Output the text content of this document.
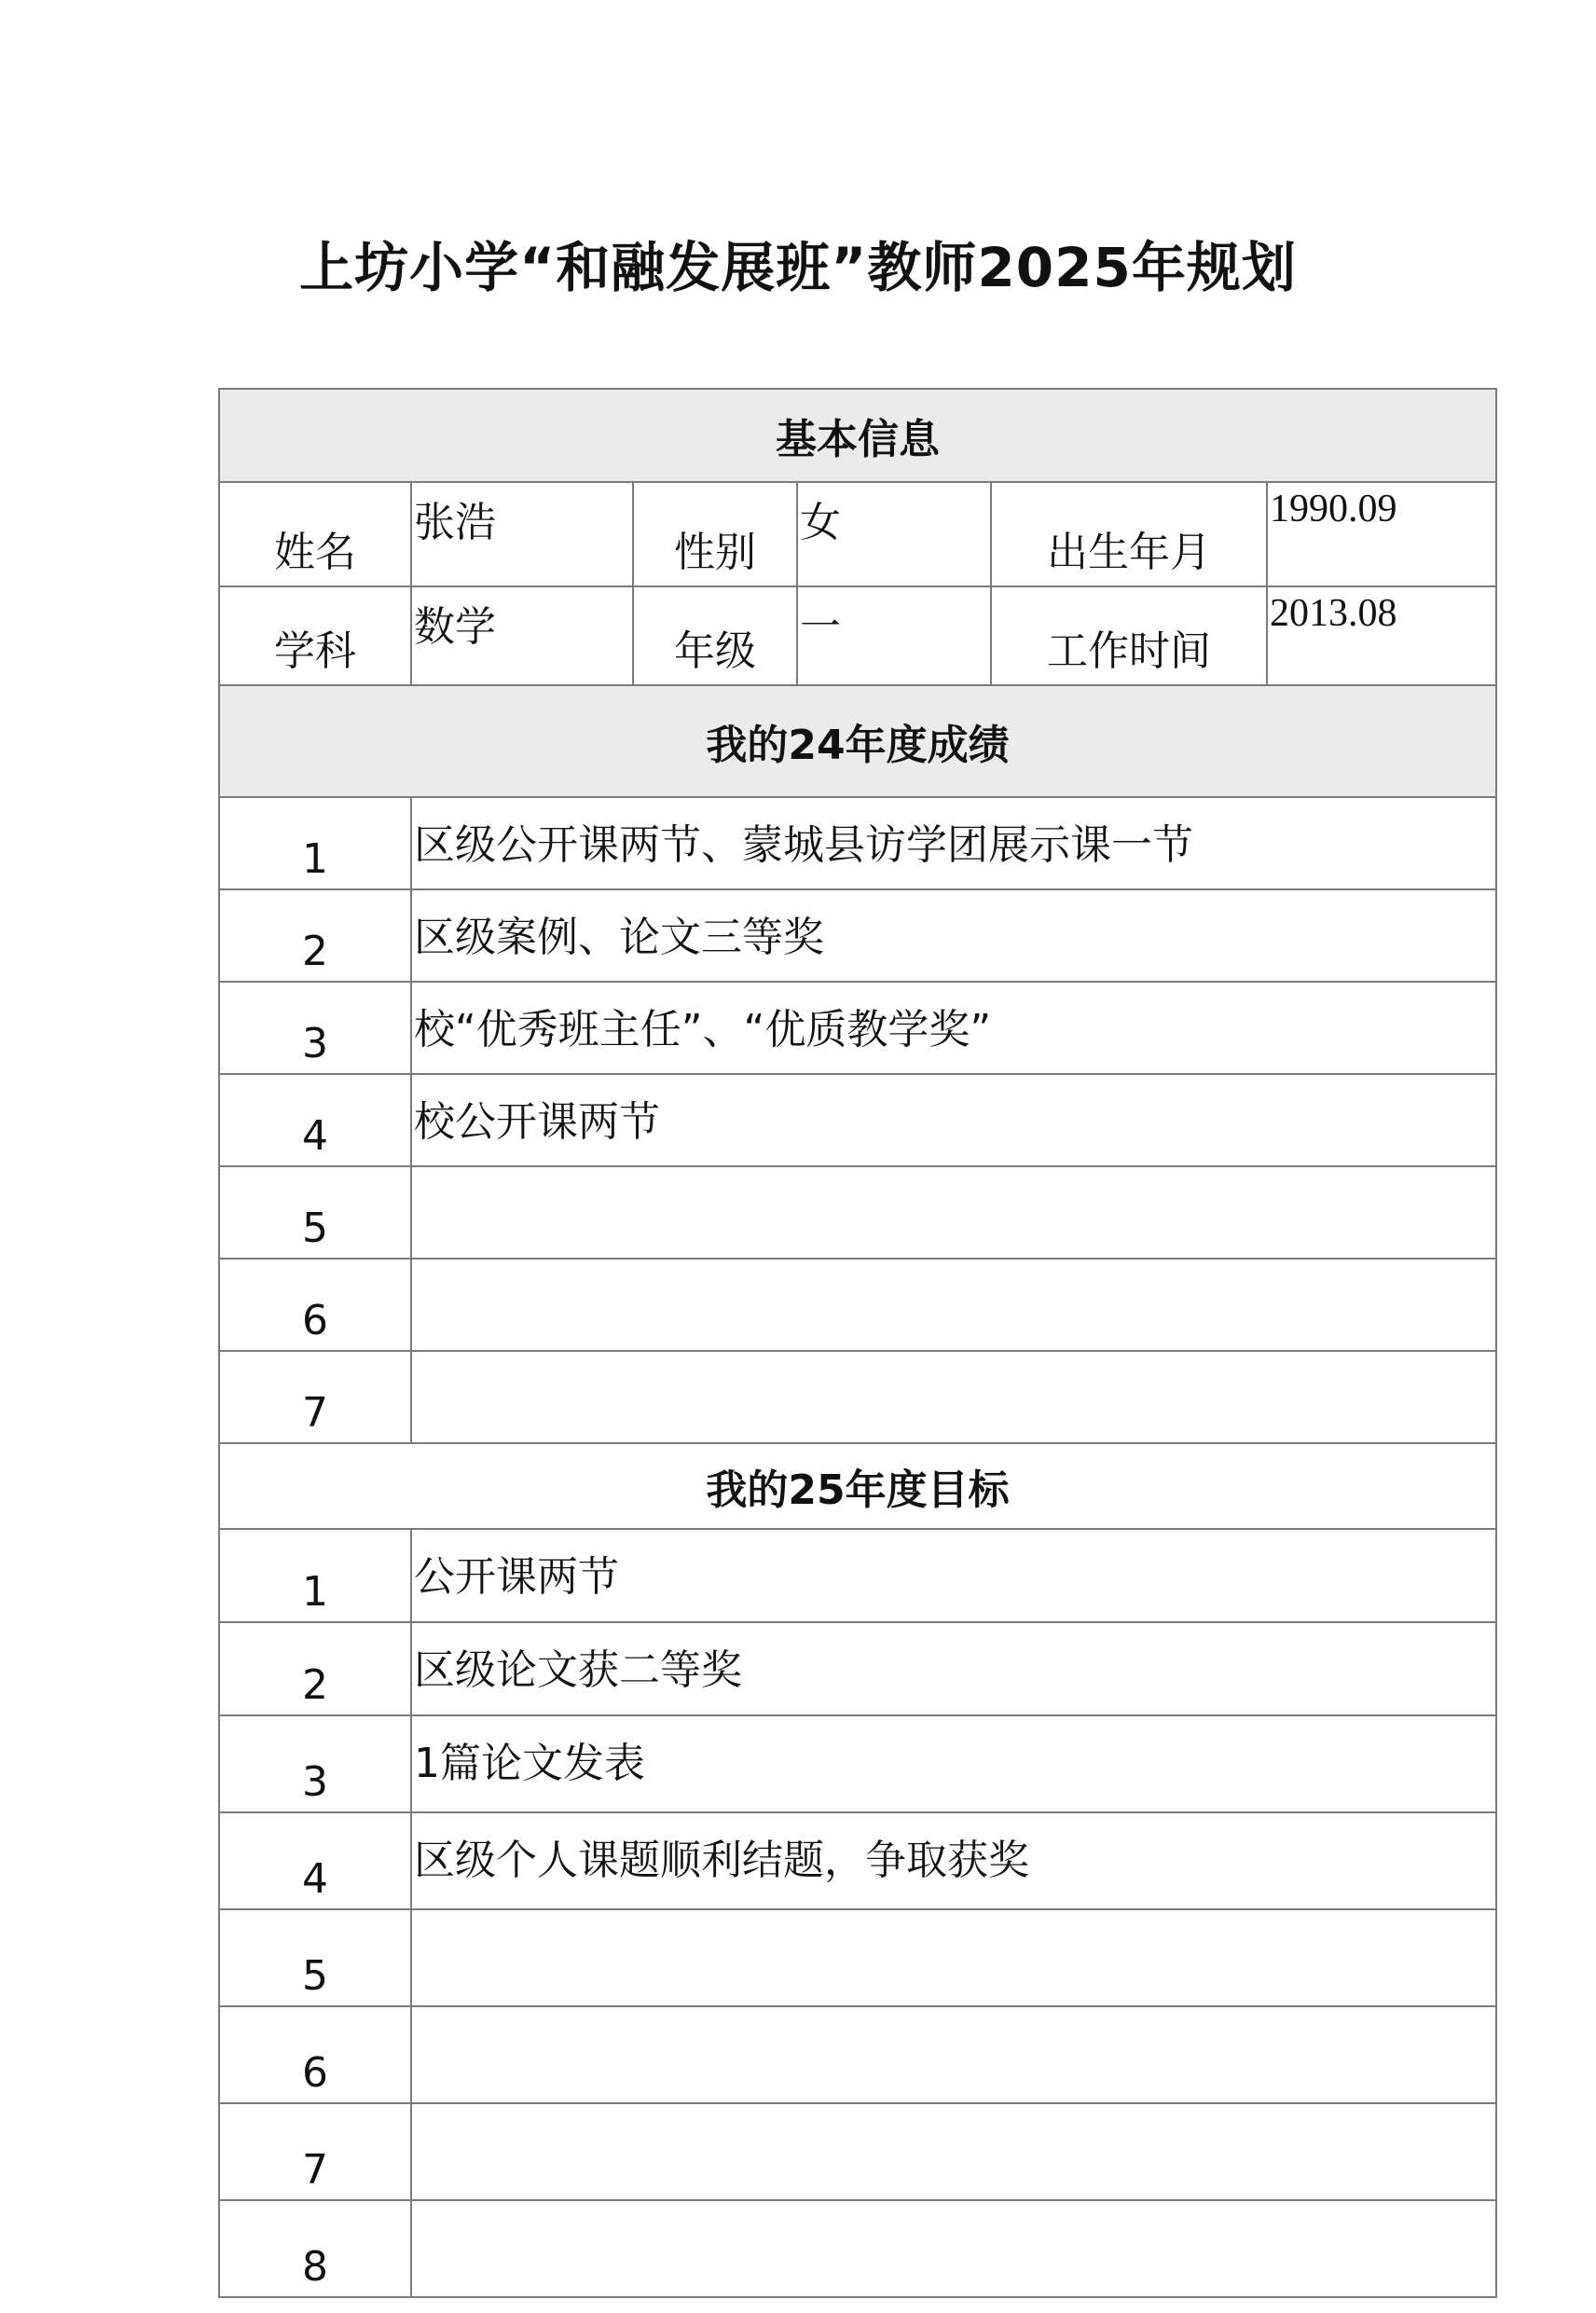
上坊小学“和融发展班”教师2025年规划
基本信息					
姓名	张浩	性别	女	出生年月	1990.09
学科	数学	年级	一	工作时间	2013.08
我的24年度成绩					
1	区级公开课两节、蒙城县访学团展示课一节				
2	区级案例、论文三等奖				
3	校“优秀班主任”、“优质教学奖”				
4	校公开课两节				
5					
6					
7					
我的25年度目标					
1	公开课两节				
2	区级论文获二等奖				
3	1篇论文发表				
4	区级个人课题顺利结题，争取获奖				
5					
6					
7					
8					
